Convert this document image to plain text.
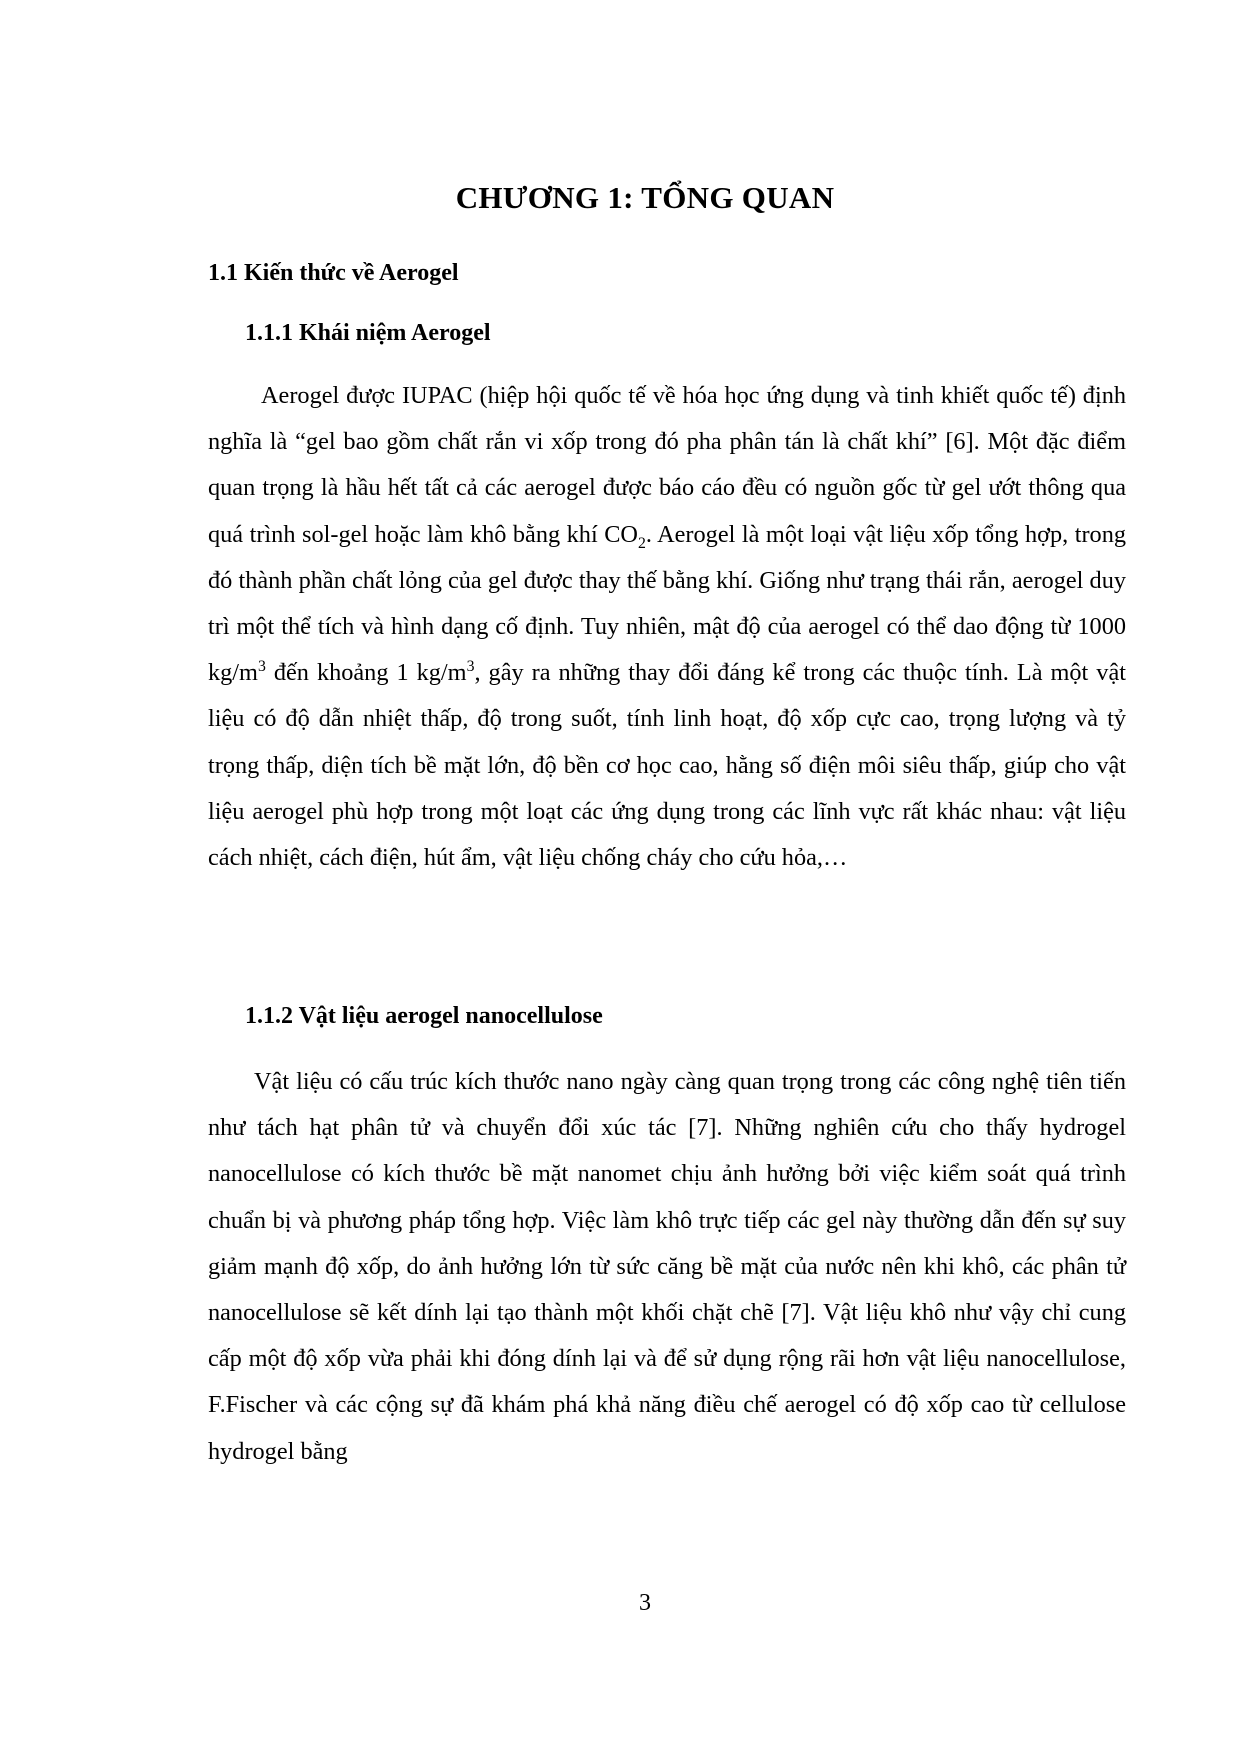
CHƯƠNG 1: TỔNG QUAN
1.1 Kiến thức về Aerogel
1.1.1 Khái niệm Aerogel

Aerogel được IUPAC (hiệp hội quốc tế về hóa học ứng dụng và tinh khiết quốc tế) định nghĩa là “gel bao gồm chất rắn vi xốp trong đó pha phân tán là chất khí” [6]. Một đặc điểm quan trọng là hầu hết tất cả các aerogel được báo cáo đều có nguồn gốc từ gel ướt thông qua quá trình sol-gel hoặc làm khô bằng khí $CO_2$. Aerogel là một loại vật liệu xốp tổng hợp, trong đó thành phần chất lỏng của gel được thay thế bằng khí. Giống như trạng thái rắn, aerogel duy trì một thể tích và hình dạng cố định. Tuy nhiên, mật độ của aerogel có thể dao động từ 1000 $kg/m^3$ đến khoảng 1 $kg/m^3$, gây ra những thay đổi đáng kể trong các thuộc tính. Là một vật liệu có độ dẫn nhiệt thấp, độ trong suốt, tính linh hoạt, độ xốp cực cao, trọng lượng và tỷ trọng thấp, diện tích bề mặt lớn, độ bền cơ học cao, hằng số điện môi siêu thấp, giúp cho vật liệu aerogel phù hợp trong một loạt các ứng dụng trong các lĩnh vực rất khác nhau: vật liệu cách nhiệt, cách điện, hút ẩm, vật liệu chống cháy cho cứu hỏa,…

1.1.2 Vật liệu aerogel nanocellulose

Vật liệu có cấu trúc kích thước nano ngày càng quan trọng trong các công nghệ tiên tiến như tách hạt phân tử và chuyển đổi xúc tác [7]. Những nghiên cứu cho thấy hydrogel nanocellulose có kích thước bề mặt nanomet chịu ảnh hưởng bởi việc kiểm soát quá trình chuẩn bị và phương pháp tổng hợp. Việc làm khô trực tiếp các gel này thường dẫn đến sự suy giảm mạnh độ xốp, do ảnh hưởng lớn từ sức căng bề mặt của nước nên khi khô, các phân tử nanocellulose sẽ kết dính lại tạo thành một khối chặt chẽ [7]. Vật liệu khô như vậy chỉ cung cấp một độ xốp vừa phải khi đóng dính lại và để sử dụng rộng rãi hơn vật liệu nanocellulose, F.Fischer và các cộng sự đã khám phá khả năng điều chế aerogel có độ xốp cao từ cellulose hydrogel bằng

3
